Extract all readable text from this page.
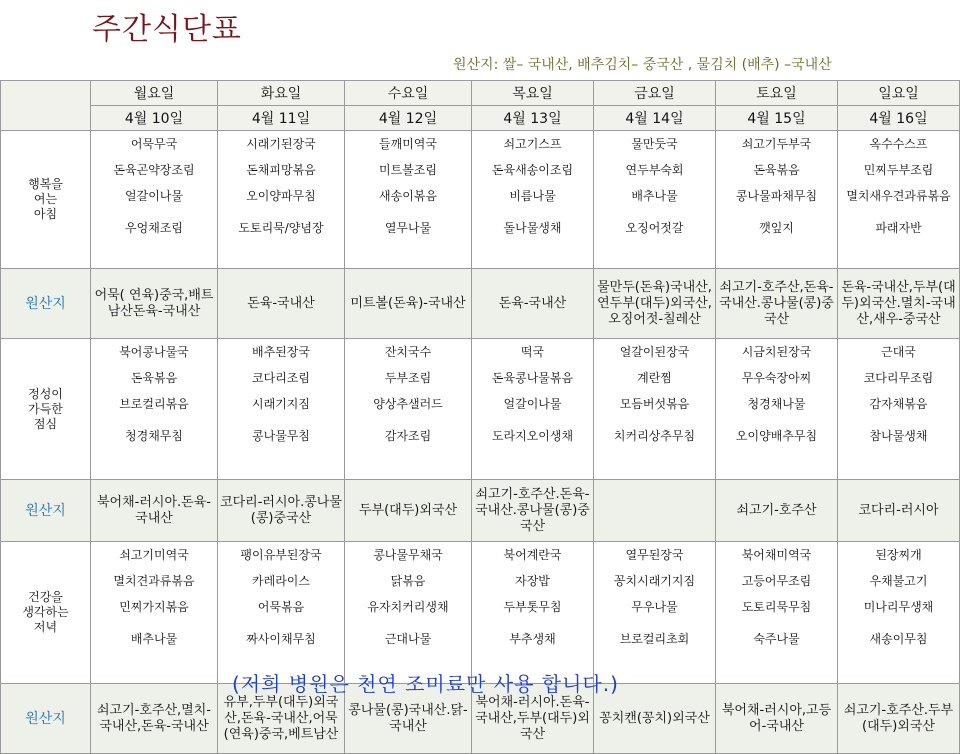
주간식단표
원산지: 쌀– 국내산, 배추김치– 중국산 , 물김치 (배추) –국내산
	월요일	화요일	수요일	목요일	금요일	토요일	일요일
	4월 10일	4월 11일	4월 12일	4월 13일	4월 14일	4월 15일	4월 16일
행복을
여는
아침	어묵무국
돈육곤약장조림
얼갈이나물
우엉채조림	시래기된장국
돈채피망볶음
오이양파무침
도토리묵/양념장	들깨미역국
미트볼조림
새송이볶음
열무나물	쇠고기스프
돈육새송이조림
비름나물
돌나물생채	물만둣국
연두부숙회
배추나물
오징어젓갈	쇠고기두부국
돈육볶음
콩나물파채무침
깻잎지	옥수수스프
민찌두부조림
멸치새우견과류볶음
파래자반

원산지	어묵( 연육)중국,배트남산돈육-국내산	돈육-국내산	미트볼(돈육)-국내산	돈육-국내산	물만두(돈육)국내산,연두부(대두)외국산,오징어젓-칠레산	쇠고기-호주산,돈육-국내산.콩나물(콩)중국산	돈육-국내산,두부(대두)외국산.멸치-국내산,새우-중국산

정성이
가득한
점심	북어콩나물국
돈육볶음
브로컬리볶음
청경채무침	배추된장국
코다리조림
시래기지짐
콩나물무침	잔치국수
두부조림
양상추샐러드
감자조림	떡국
돈육콩나물볶음
얼갈이나물
도라지오이생채	얼갈이된장국
계란찜
모듬버섯볶음
치커리상추무침	시금치된장국
무우숙장아찌
청경채나물
오이양배추무침	근대국
코다리무조림
감자채볶음
참나물생채

원산지	북어채-러시아.돈육-국내산	코다리-러시아.콩나물(콩)중국산	두부(대두)외국산	쇠고기-호주산.돈육-국내산.콩나물(콩)중국산		쇠고기-호주산	코다리-러시아

건강을
생각하는
저녁	쇠고기미역국
멸치견과류볶음
민찌가지볶음
배추나물	팽이유부된장국
카레라이스
어묵볶음
짜사이채무침	콩나물무채국
닭볶음
유자치커리생채
근대나물	북어계란국
자장밥
두부톳무침
부추생채	열무된장국
꽁치시래기지짐
무우나물
브로컬리초회	북어채미역국
고등어무조림
도토리묵무침
숙주나물	된장찌개
우채불고기
미나리무생채
새송이무침

원산지	쇠고기-호주산,멸치-국내산,돈육-국내산	유부,두부(대두)외국산,돈육-국내산,어묵(연육)중국,베트남산	콩나물(콩)국내산.닭-국내산	북어채-러시아.돈육-국내산,두부(대두)외국산	꽁치캔(꽁치)외국산	북어채-러시아,고등어-국내산	쇠고기-호주산.두부(대두)외국산
(저희 병원은 천연 조미료만 사용 합니다.)
